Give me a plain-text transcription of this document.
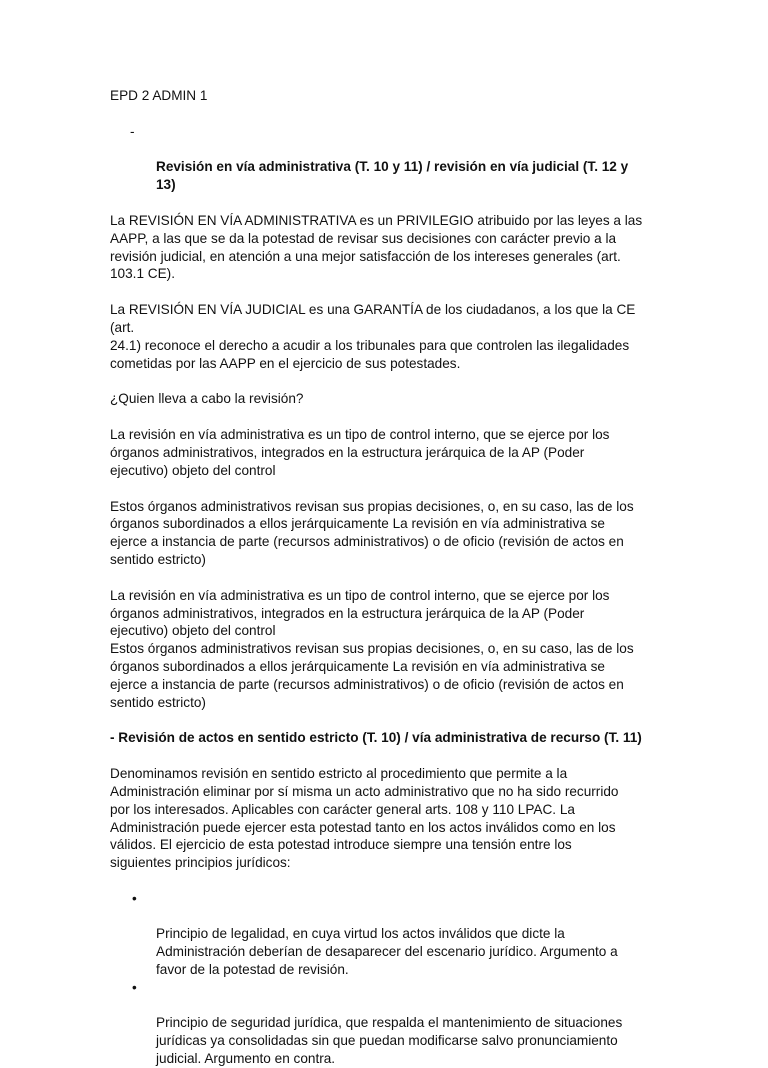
EPD 2 ADMIN 1

-

Revisión en vía administrativa (T. 10 y 11) / revisión en vía judicial (T. 12 y 13)

La REVISIÓN EN VÍA ADMINISTRATIVA es un PRIVILEGIO atribuido por las leyes a las
AAPP, a las que se da la potestad de revisar sus decisiones con carácter previo a la
revisión judicial, en atención a una mejor satisfacción de los intereses generales (art.
103.1 CE).

La REVISIÓN EN VÍA JUDICIAL es una GARANTÍA de los ciudadanos, a los que la CE (art.
24.1) reconoce el derecho a acudir a los tribunales para que controlen las ilegalidades
cometidas por las AAPP en el ejercicio de sus potestades.

¿Quien lleva a cabo la revisión?

La revisión en vía administrativa es un tipo de control interno, que se ejerce por los
órganos administrativos, integrados en la estructura jerárquica de la AP (Poder
ejecutivo) objeto del control

Estos órganos administrativos revisan sus propias decisiones, o, en su caso, las de los
órganos subordinados a ellos jerárquicamente La revisión en vía administrativa se
ejerce a instancia de parte (recursos administrativos) o de oficio (revisión de actos en
sentido estricto)

La revisión en vía administrativa es un tipo de control interno, que se ejerce por los
órganos administrativos, integrados en la estructura jerárquica de la AP (Poder
ejecutivo) objeto del control
Estos órganos administrativos revisan sus propias decisiones, o, en su caso, las de los
órganos subordinados a ellos jerárquicamente La revisión en vía administrativa se
ejerce a instancia de parte (recursos administrativos) o de oficio (revisión de actos en
sentido estricto)

- Revisión de actos en sentido estricto (T. 10) / vía administrativa de recurso (T. 11)

Denominamos revisión en sentido estricto al procedimiento que permite a la
Administración eliminar por sí misma un acto administrativo que no ha sido recurrido
por los interesados. Aplicables con carácter general arts. 108 y 110 LPAC. La
Administración puede ejercer esta potestad tanto en los actos inválidos como en los
válidos. El ejercicio de esta potestad introduce siempre una tensión entre los
siguientes principios jurídicos:

•

Principio de legalidad, en cuya virtud los actos inválidos que dicte la
Administración deberían de desaparecer del escenario jurídico. Argumento a
favor de la potestad de revisión.

•

Principio de seguridad jurídica, que respalda el mantenimiento de situaciones
jurídicas ya consolidadas sin que puedan modificarse salvo pronunciamiento
judicial. Argumento en contra.
